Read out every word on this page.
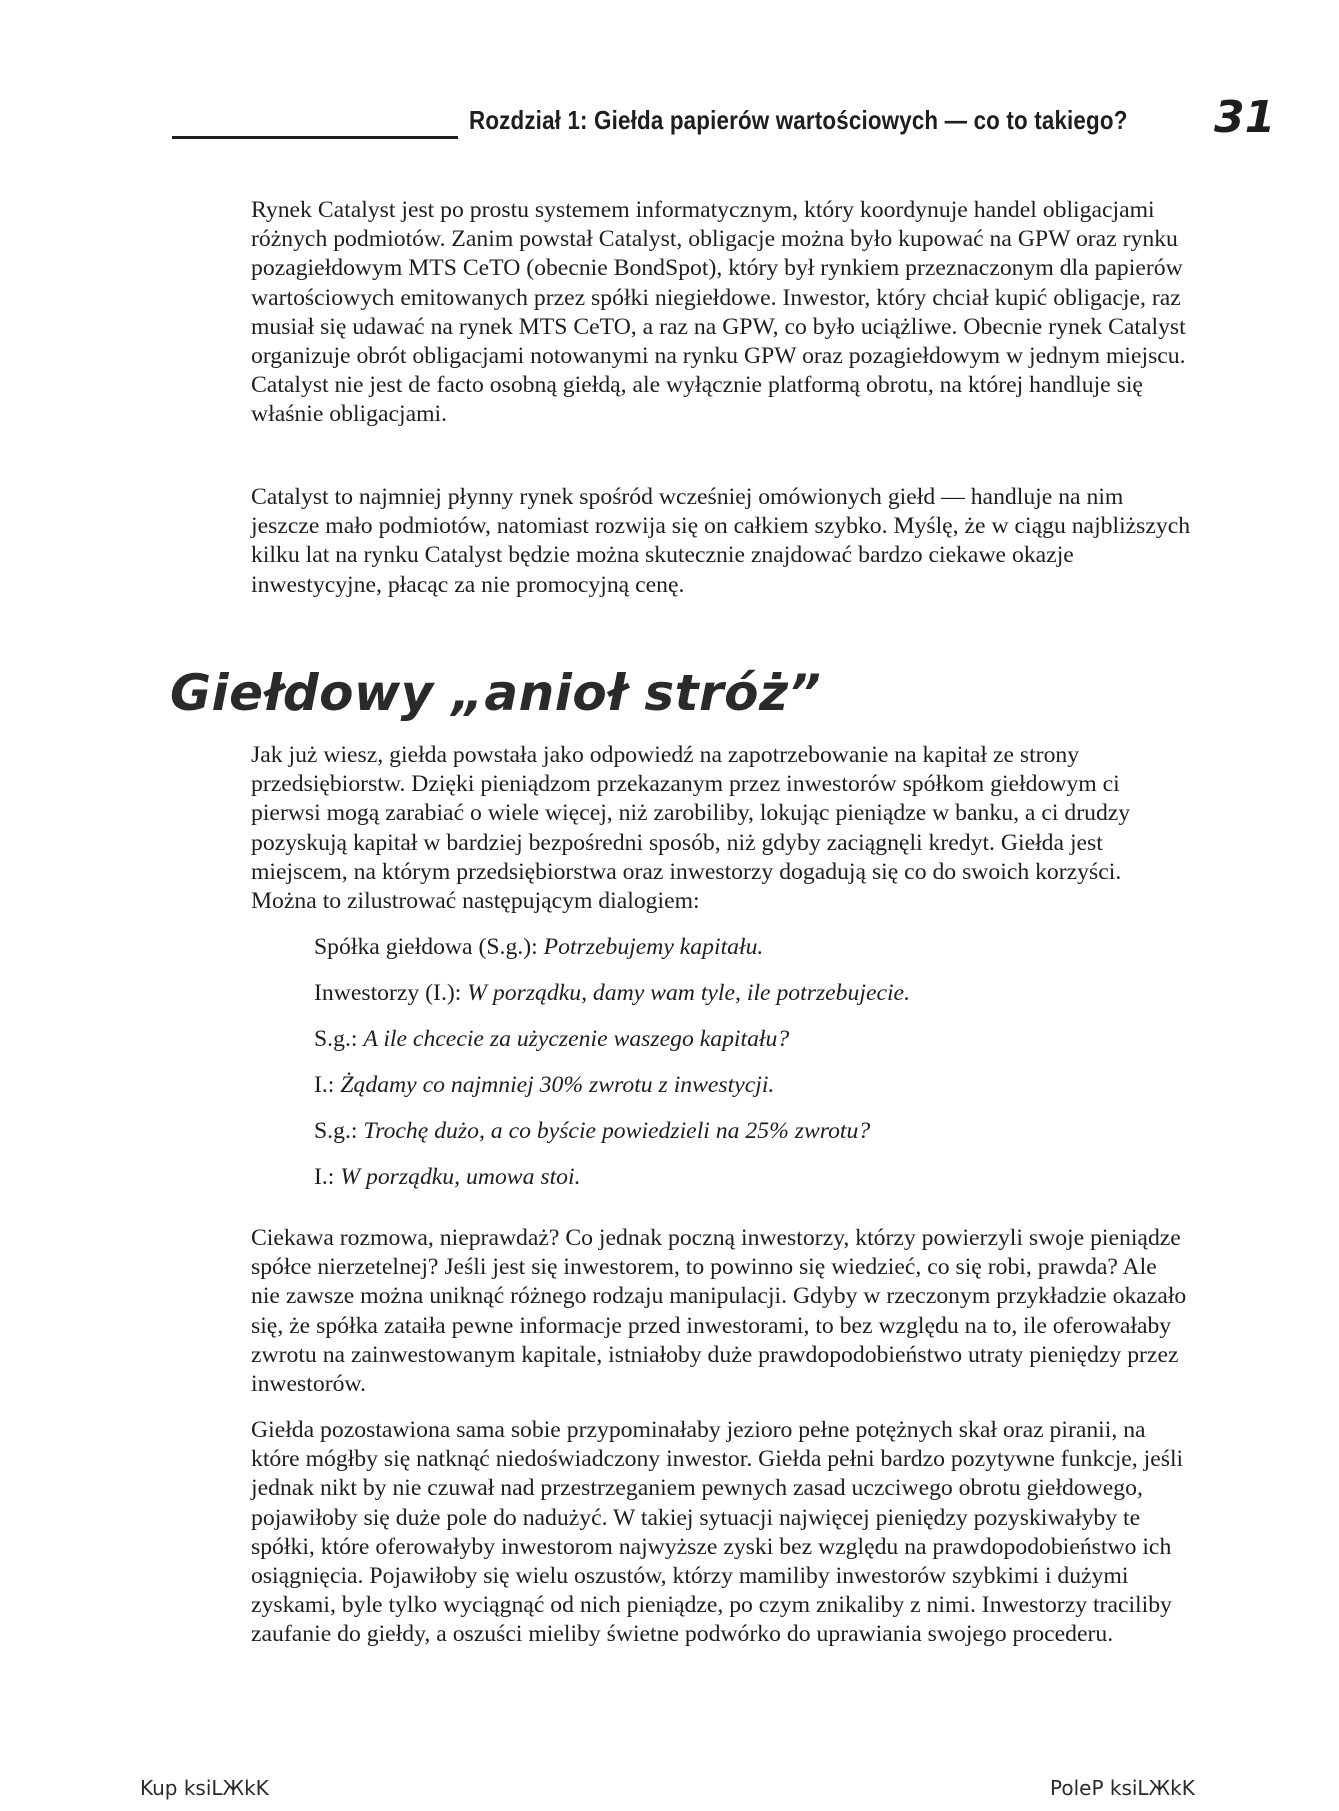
Rozdział 1: Giełda papierów wartościowych — co to takiego? 31

Rynek Catalyst jest po prostu systemem informatycznym, który koordynuje handel obligacjami różnych podmiotów. Zanim powstał Catalyst, obligacje można było kupować na GPW oraz rynku pozagiełdowym MTS CeTO (obecnie BondSpot), który był rynkiem przeznaczonym dla papierów wartościowych emitowanych przez spółki niegiełdowe. Inwestor, który chciał kupić obligacje, raz musiał się udawać na rynek MTS CeTO, a raz na GPW, co było uciążliwe. Obecnie rynek Catalyst organizuje obrót obligacjami notowanymi na rynku GPW oraz pozagiełdowym w jednym miejscu. Catalyst nie jest de facto osobną giełdą, ale wyłącznie platformą obrotu, na której handluje się właśnie obligacjami.

Catalyst to najmniej płynny rynek spośród wcześniej omówionych giełd — handluje na nim jeszcze mało podmiotów, natomiast rozwija się on całkiem szybko. Myślę, że w ciągu najbliższych kilku lat na rynku Catalyst będzie można skutecznie znajdować bardzo ciekawe okazje inwestycyjne, płacąc za nie promocyjną cenę.

Giełdowy „anioł stróż”

Jak już wiesz, giełda powstała jako odpowiedź na zapotrzebowanie na kapitał ze strony przedsiębiorstw. Dzięki pieniądzom przekazanym przez inwestorów spółkom giełdowym ci pierwsi mogą zarabiać o wiele więcej, niż zarobiliby, lokując pieniądze w banku, a ci drudzy pozyskują kapitał w bardziej bezpośredni sposób, niż gdyby zaciągnęli kredyt. Giełda jest miejscem, na którym przedsiębiorstwa oraz inwestorzy dogadują się co do swoich korzyści. Można to zilustrować następującym dialogiem:

Spółka giełdowa (S.g.): Potrzebujemy kapitału.
Inwestorzy (I.): W porządku, damy wam tyle, ile potrzebujecie.
S.g.: A ile chcecie za użyczenie waszego kapitału?
I.: Żądamy co najmniej 30% zwrotu z inwestycji.
S.g.: Trochę dużo, a co byście powiedzieli na 25% zwrotu?
I.: W porządku, umowa stoi.

Ciekawa rozmowa, nieprawdaż? Co jednak poczną inwestorzy, którzy powierzyli swoje pieniądze spółce nierzetelnej? Jeśli jest się inwestorem, to powinno się wiedzieć, co się robi, prawda? Ale nie zawsze można uniknąć różnego rodzaju manipulacji. Gdyby w rzeczonym przykładzie okazało się, że spółka zataiła pewne informacje przed inwestorami, to bez względu na to, ile oferowałaby zwrotu na zainwestowanym kapitale, istniałoby duże prawdopodobieństwo utraty pieniędzy przez inwestorów.

Giełda pozostawiona sama sobie przypominałaby jezioro pełne potężnych skał oraz piranii, na które mógłby się natknąć niedoświadczony inwestor. Giełda pełni bardzo pozytywne funkcje, jeśli jednak nikt by nie czuwał nad przestrzeganiem pewnych zasad uczciwego obrotu giełdowego, pojawiłoby się duże pole do nadużyć. W takiej sytuacji najwięcej pieniędzy pozyskiwałyby te spółki, które oferowałyby inwestorom najwyższe zyski bez względu na prawdopodobieństwo ich osiągnięcia. Pojawiłoby się wielu oszustów, którzy mamiliby inwestorów szybkimi i dużymi zyskami, byle tylko wyciągnąć od nich pieniądze, po czym znikaliby z nimi. Inwestorzy traciliby zaufanie do giełdy, a oszuści mieliby świetne podwórko do uprawiania swojego procederu.

Kup ksiLЖkK	PoleP ksiLЖkK
